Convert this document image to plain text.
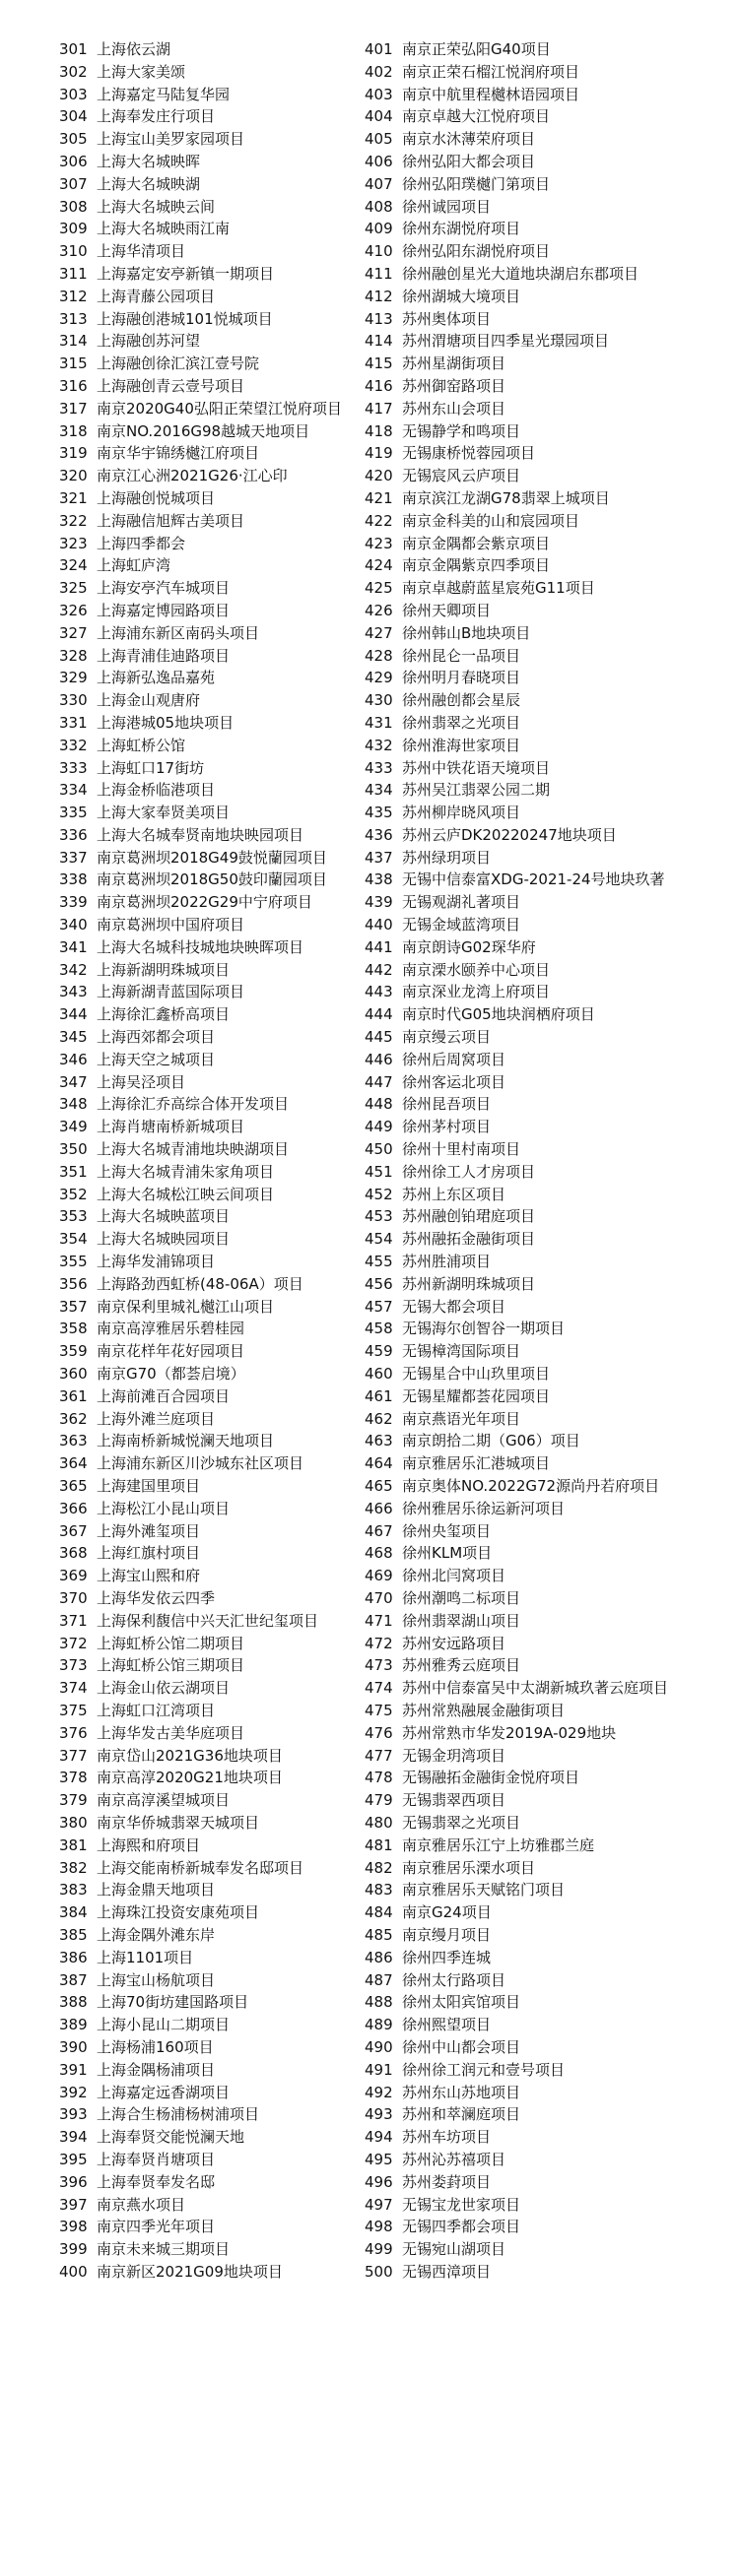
301 上海依云湖
302 上海大家美颂
303 上海嘉定马陆复华园
304 上海奉发庄行项目
305 上海宝山美罗家园项目
306 上海大名城映晖
307 上海大名城映湖
308 上海大名城映云间
309 上海大名城映雨江南
310 上海华清项目
311 上海嘉定安亭新镇一期项目
312 上海青藤公园项目
313 上海融创港城101悦城项目
314 上海融创苏河望
315 上海融创徐汇滨江壹号院
316 上海融创青云壹号项目
317 南京2020G40弘阳正荣望江悦府项目
318 南京NO.2016G98越城天地项目
319 南京华宇锦绣樾江府项目
320 南京江心洲2021G26·江心印
321 上海融创悦城项目
322 上海融信旭辉古美项目
323 上海四季都会
324 上海虹庐湾
325 上海安亭汽车城项目
326 上海嘉定博园路项目
327 上海浦东新区南码头项目
328 上海青浦佳迪路项目
329 上海新弘逸品嘉苑
330 上海金山观唐府
331 上海港城05地块项目
332 上海虹桥公馆
333 上海虹口17街坊
334 上海金桥临港项目
335 上海大家奉贤美项目
336 上海大名城奉贤南地块映园项目
337 南京葛洲坝2018G49鼓悦蘭园项目
338 南京葛洲坝2018G50鼓印蘭园项目
339 南京葛洲坝2022G29中宁府项目
340 南京葛洲坝中国府项目
341 上海大名城科技城地块映晖项目
342 上海新湖明珠城项目
343 上海新湖青蓝国际项目
344 上海徐汇鑫桥高项目
345 上海西郊都会项目
346 上海天空之城项目
347 上海吴泾项目
348 上海徐汇乔高综合体开发项目
349 上海肖塘南桥新城项目
350 上海大名城青浦地块映湖项目
351 上海大名城青浦朱家角项目
352 上海大名城松江映云间项目
353 上海大名城映蓝项目
354 上海大名城映园项目
355 上海华发浦锦项目
356 上海路劲西虹桥(48-06A）项目
357 南京保利里城礼樾江山项目
358 南京高淳雅居乐碧桂园
359 南京花样年花好园项目
360 南京G70（都荟启境）
361 上海前滩百合园项目
362 上海外滩兰庭项目
363 上海南桥新城悦澜天地项目
364 上海浦东新区川沙城东社区项目
365 上海建国里项目
366 上海松江小昆山项目
367 上海外滩玺项目
368 上海红旗村项目
369 上海宝山熙和府
370 上海华发依云四季
371 上海保利馥信中兴天汇世纪玺项目
372 上海虹桥公馆二期项目
373 上海虹桥公馆三期项目
374 上海金山依云湖项目
375 上海虹口江湾项目
376 上海华发古美华庭项目
377 南京岱山2021G36地块项目
378 南京高淳2020G21地块项目
379 南京高淳溪望城项目
380 南京华侨城翡翠天城项目
381 上海熙和府项目
382 上海交能南桥新城奉发名邸项目
383 上海金鼎天地项目
384 上海珠江投资安康苑项目
385 上海金隅外滩东岸
386 上海1101项目
387 上海宝山杨航项目
388 上海70街坊建国路项目
389 上海小昆山二期项目
390 上海杨浦160项目
391 上海金隅杨浦项目
392 上海嘉定远香湖项目
393 上海合生杨浦杨树浦项目
394 上海奉贤交能悦澜天地
395 上海奉贤肖塘项目
396 上海奉贤奉发名邸
397 南京燕水项目
398 南京四季光年项目
399 南京未来城三期项目
400 南京新区2021G09地块项目
401 南京正荣弘阳G40项目
402 南京正荣石榴江悦润府项目
403 南京中航里程樾林语园项目
404 南京卓越大江悦府项目
405 南京水沐薄荣府项目
406 徐州弘阳大都会项目
407 徐州弘阳璞樾门第项目
408 徐州诚园项目
409 徐州东湖悦府项目
410 徐州弘阳东湖悦府项目
411 徐州融创星光大道地块湖启东郡项目
412 徐州湖城大境项目
413 苏州奥体项目
414 苏州渭塘项目四季星光璟园项目
415 苏州星湖街项目
416 苏州御窑路项目
417 苏州东山会项目
418 无锡静学和鸣项目
419 无锡康桥悦蓉园项目
420 无锡宸风云庐项目
421 南京滨江龙湖G78翡翠上城项目
422 南京金科美的山和宸园项目
423 南京金隅都会紫京项目
424 南京金隅紫京四季项目
425 南京卓越蔚蓝星宸苑G11项目
426 徐州天卿项目
427 徐州韩山B地块项目
428 徐州昆仑一品项目
429 徐州明月春晓项目
430 徐州融创都会星辰
431 徐州翡翠之光项目
432 徐州淮海世家项目
433 苏州中铁花语天境项目
434 苏州吴江翡翠公园二期
435 苏州柳岸晓风项目
436 苏州云庐DK20220247地块项目
437 苏州绿玥项目
438 无锡中信泰富XDG-2021-24号地块玖著
439 无锡观湖礼著项目
440 无锡金域蓝湾项目
441 南京朗诗G02琛华府
442 南京溧水颐养中心项目
443 南京深业龙湾上府项目
444 南京时代G05地块润栖府项目
445 南京缦云项目
446 徐州后周窝项目
447 徐州客运北项目
448 徐州昆吾项目
449 徐州茅村项目
450 徐州十里村南项目
451 徐州徐工人才房项目
452 苏州上东区项目
453 苏州融创铂珺庭项目
454 苏州融拓金融街项目
455 苏州胜浦项目
456 苏州新湖明珠城项目
457 无锡大都会项目
458 无锡海尔创智谷一期项目
459 无锡樟湾国际项目
460 无锡星合中山玖里项目
461 无锡星耀都荟花园项目
462 南京燕语光年项目
463 南京朗拾二期（G06）项目
464 南京雅居乐汇港城项目
465 南京奥体NO.2022G72源尚丹若府项目
466 徐州雅居乐徐运新河项目
467 徐州央玺项目
468 徐州KLM项目
469 徐州北闫窝项目
470 徐州潮鸣二标项目
471 徐州翡翠湖山项目
472 苏州安远路项目
473 苏州雅秀云庭项目
474 苏州中信泰富吴中太湖新城玖著云庭项目
475 苏州常熟融展金融街项目
476 苏州常熟市华发2019A-029地块
477 无锡金玥湾项目
478 无锡融拓金融街金悦府项目
479 无锡翡翠西项目
480 无锡翡翠之光项目
481 南京雅居乐江宁上坊雅郡兰庭
482 南京雅居乐溧水项目
483 南京雅居乐天赋铭门项目
484 南京G24项目
485 南京缦月项目
486 徐州四季连城
487 徐州太行路项目
488 徐州太阳宾馆项目
489 徐州熙望项目
490 徐州中山都会项目
491 徐州徐工润元和壹号项目
492 苏州东山苏地项目
493 苏州和萃澜庭项目
494 苏州车坊项目
495 苏州沁苏禧项目
496 苏州娄葑项目
497 无锡宝龙世家项目
498 无锡四季都会项目
499 无锡宛山湖项目
500 无锡西漳项目
